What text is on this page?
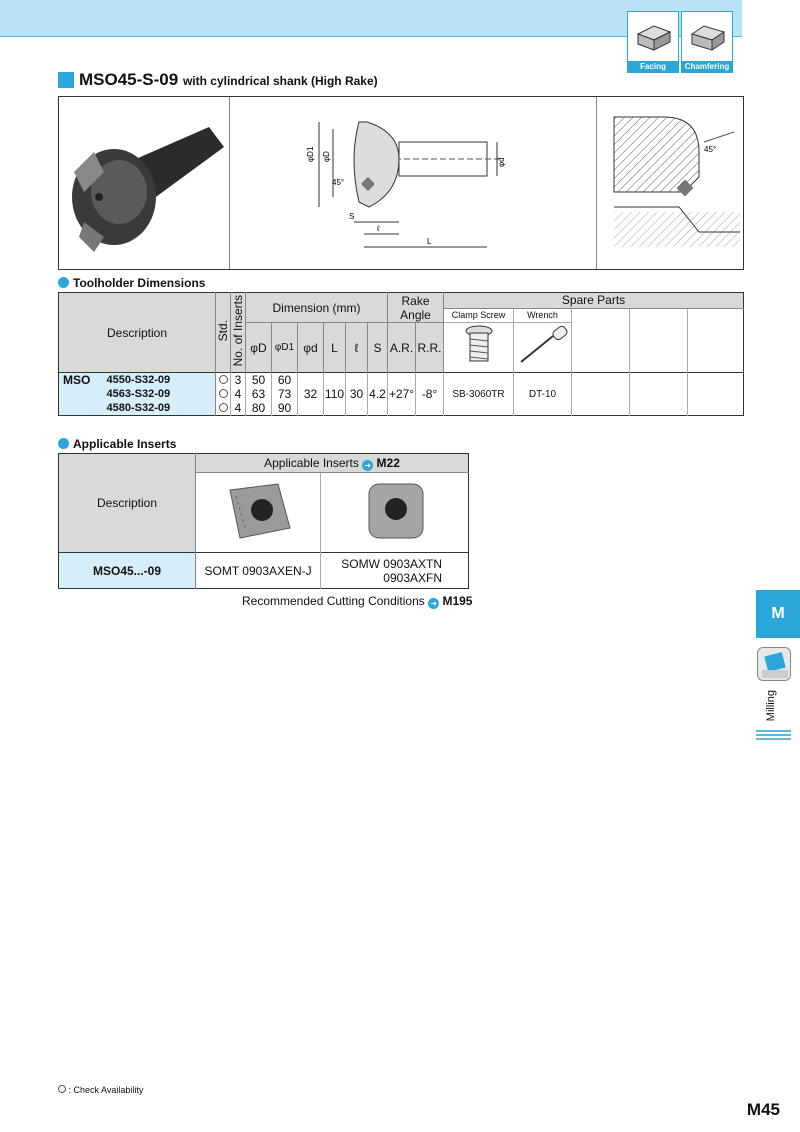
Facing	Chamfering
MSO45-S-09 with cylindrical shank (High Rake)
φD1 φD
45°
S
ℓ
L
φd
45°
Toolholder Dimensions
Description		Std.	No. of Inserts	Dimension (mm)						Rake Angle		Spare Parts				
												Clamp Screw	Wrench			
				φD	φD1	φd	L	ℓ	S	A.R.	R.R.					
MSO	4550-S32-09		3	50	60	32	110	30	4.2	+27°	-8°	SB-3060TR	DT-10			
	4563-S32-09		4	63	73											
	4580-S32-09		4	80	90											
Applicable Inserts
Description	Applicable Inserts ➜ M22	

MSO45...-09	SOMT 0903AXEN-J	SOMW 0903AXTN
0903AXFN
Recommended Cutting Conditions ➜ M195
M
Milling
: Check Availability
M45
